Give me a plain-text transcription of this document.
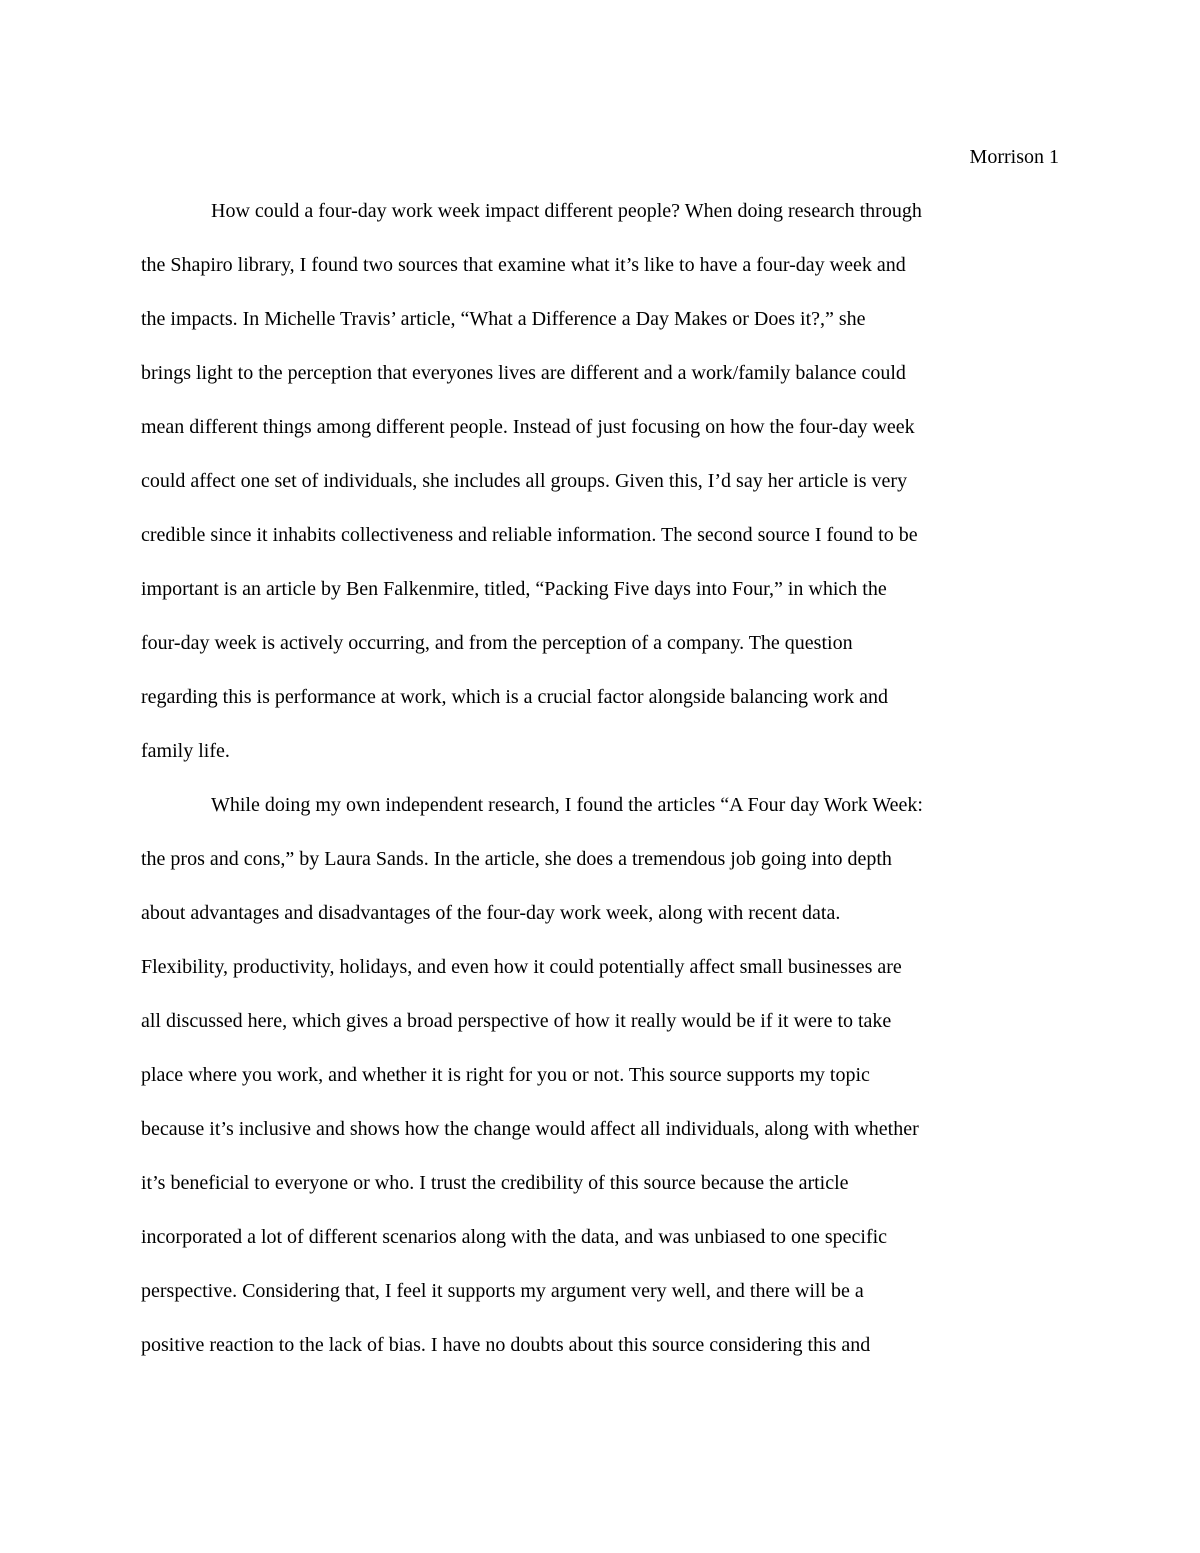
Morrison 1
How could a four-day work week impact different people? When doing research through
the Shapiro library, I found two sources that examine what it’s like to have a four-day week and
the impacts. In Michelle Travis’ article, “What a Difference a Day Makes or Does it?,” she
brings light to the perception that everyones lives are different and a work/family balance could
mean different things among different people. Instead of just focusing on how the four-day week
could affect one set of individuals, she includes all groups. Given this, I’d say her article is very
credible since it inhabits collectiveness and reliable information. The second source I found to be
important is an article by Ben Falkenmire, titled, “Packing Five days into Four,” in which the
four-day week is actively occurring, and from the perception of a company. The question
regarding this is performance at work, which is a crucial factor alongside balancing work and
family life.
While doing my own independent research, I found the articles “A Four day Work Week:
the pros and cons,” by Laura Sands. In the article, she does a tremendous job going into depth
about advantages and disadvantages of the four-day work week, along with recent data.
Flexibility, productivity, holidays, and even how it could potentially affect small businesses are
all discussed here, which gives a broad perspective of how it really would be if it were to take
place where you work, and whether it is right for you or not. This source supports my topic
because it’s inclusive and shows how the change would affect all individuals, along with whether
it’s beneficial to everyone or who. I trust the credibility of this source because the article
incorporated a lot of different scenarios along with the data, and was unbiased to one specific
perspective. Considering that, I feel it supports my argument very well, and there will be a
positive reaction to the lack of bias. I have no doubts about this source considering this and
